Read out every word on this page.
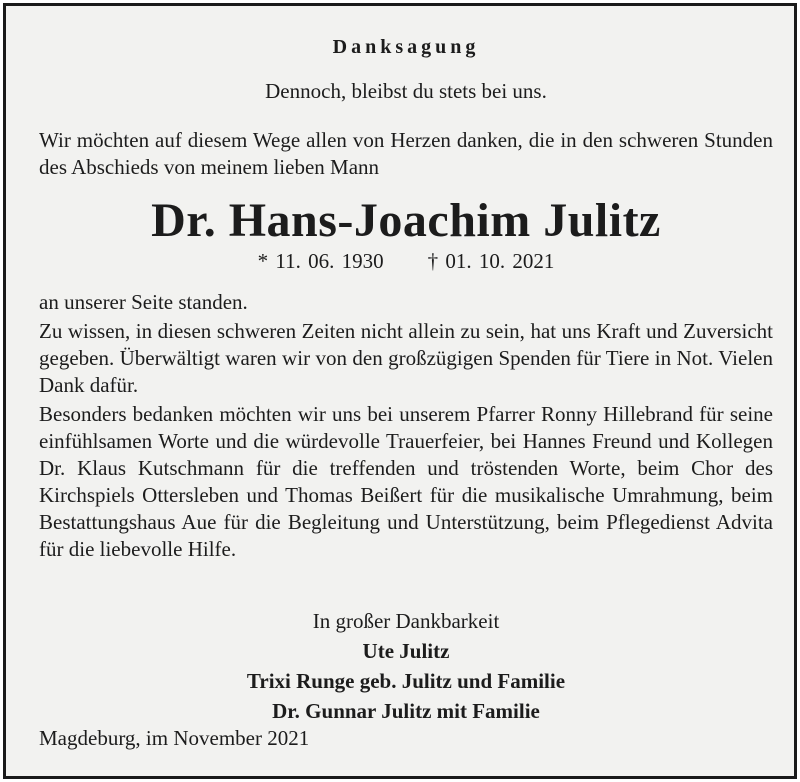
Danksagung
Dennoch, bleibst du stets bei uns.
Wir möchten auf diesem Wege allen von Herzen danken, die in den schweren Stunden des Abschieds von meinem lieben Mann
Dr. Hans-Joachim Julitz
* 11. 06. 1930 † 01. 10. 2021
an unserer Seite standen.
Zu wissen, in diesen schweren Zeiten nicht allein zu sein, hat uns Kraft und Zuversicht gegeben. Überwältigt waren wir von den großzügigen Spenden für Tiere in Not. Vielen Dank dafür.
Besonders bedanken möchten wir uns bei unserem Pfarrer Ronny Hillebrand für seine einfühlsamen Worte und die würdevolle Trauerfeier, bei Hannes Freund und Kollegen Dr. Klaus Kutschmann für die treffenden und tröstenden Worte, beim Chor des Kirchspiels Ottersleben und Thomas Beißert für die musikalische Umrahmung, beim Bestattungshaus Aue für die Begleitung und Unterstützung, beim Pflegedienst Advita für die liebevolle Hilfe.
In großer Dankbarkeit
Ute Julitz
Trixi Runge geb. Julitz und Familie
Dr. Gunnar Julitz mit Familie
Magdeburg, im November 2021
